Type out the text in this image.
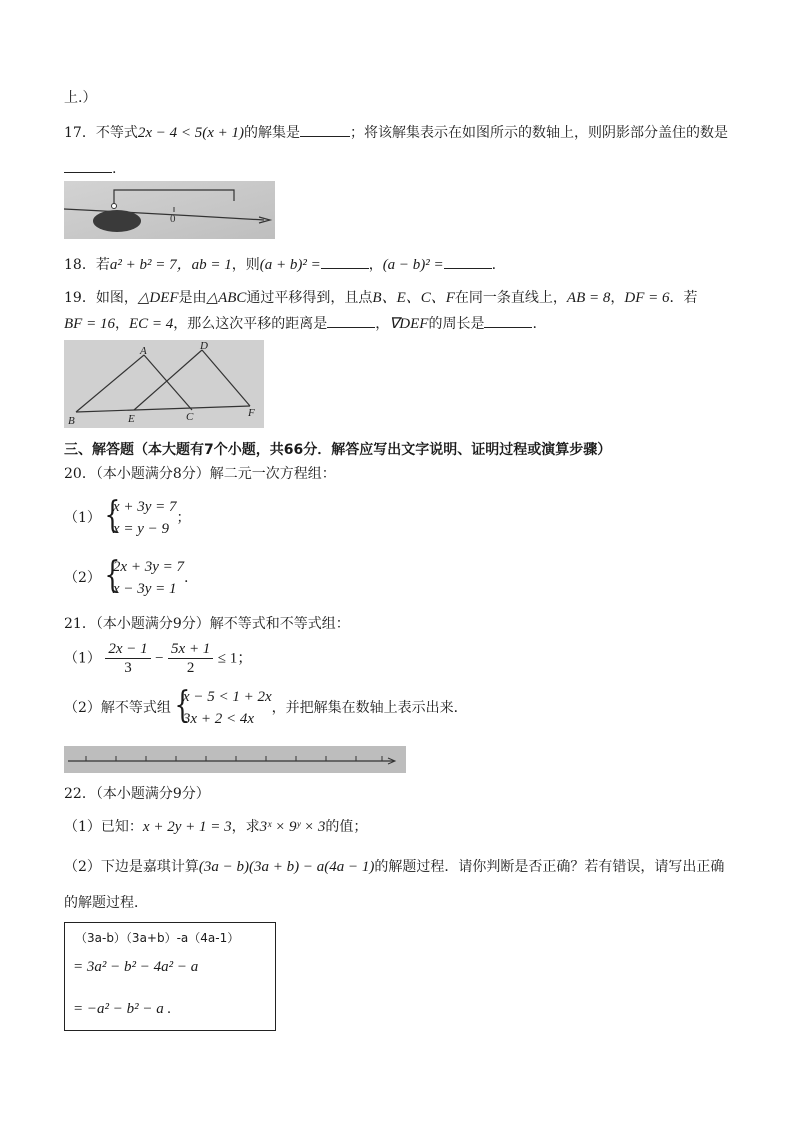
上.）
17．不等式2x − 4 < 5(x + 1)的解集是	；将该解集表示在如图所示的数轴上，则阴影部分盖住的数是
.
0
18．若a² + b² = 7，ab = 1，则(a + b)² =	，(a − b)² =	.
19．如图，△DEF是由△ABC通过平移得到，且点B、E、C、F在同一条直线上，AB = 8，DF = 6．若
BF = 16，EC = 4，那么这次平移的距离是	，∇DEF的周长是	.
A	D
B	E	C	F
三、解答题（本大题有7个小题，共66分．解答应写出文字说明、证明过程或演算步骤）
20．（本小题满分8分）解二元一次方程组：
（1） {
x + 3y = 7
x = y − 9
；
（2） {
2x + 3y = 7
x − 3y = 1
.
21．（本小题满分9分）解不等式和不等式组：
$(1) \frac{2x - 1}{3} - \frac{5x + 1}{2} \le 1$；
（2）解不等式组 {
x − 5 < 1 + 2x
3x + 2 < 4x
，并把解集在数轴上表示出来．
22．（本小题满分9分）
（1）已知：x + 2y + 1 = 3，求3ˣ × 9ʸ × 3的值；
（2）下边是嘉琪计算(3a − b)(3a + b) − a(4a − 1)的解题过程．请你判断是否正确？若有错误，请写出正确
的解题过程．
（3a-b）（3a+b）-a（4a-1）
= 3a² − b² − 4a² − a
= −a² − b² − a .
